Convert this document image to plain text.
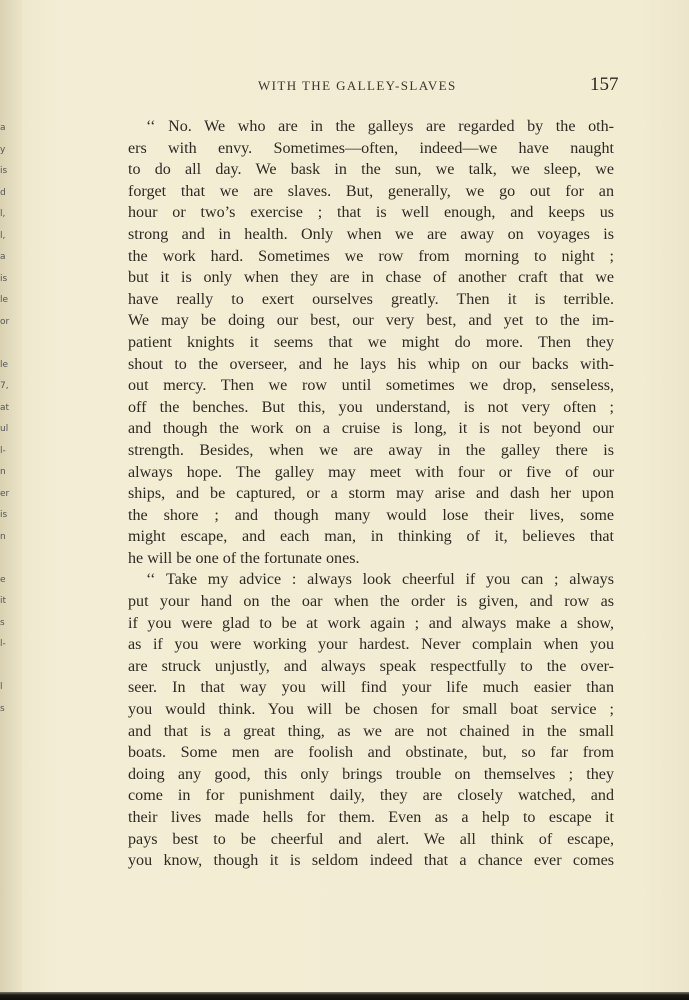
a
y
is
d
l,
l,
a
is
le
or
le
7,
at
ul
l-
n
er
is
n
e
it
s
l-
l
s
WITH THE GALLEY-SLAVES	157
‘‘ No. We who are in the galleys are regarded by the oth-
ers with envy. Sometimes—often, indeed—we have naught
to do all day. We bask in the sun, we talk, we sleep, we
forget that we are slaves. But, generally, we go out for an
hour or two’s exercise ; that is well enough, and keeps us
strong and in health. Only when we are away on voyages is
the work hard. Sometimes we row from morning to night ;
but it is only when they are in chase of another craft that we
have really to exert ourselves greatly. Then it is terrible.
We may be doing our best, our very best, and yet to the im-
patient knights it seems that we might do more. Then they
shout to the overseer, and he lays his whip on our backs with-
out mercy. Then we row until sometimes we drop, senseless,
off the benches. But this, you understand, is not very often ;
and though the work on a cruise is long, it is not beyond our
strength. Besides, when we are away in the galley there is
always hope. The galley may meet with four or five of our
ships, and be captured, or a storm may arise and dash her upon
the shore ; and though many would lose their lives, some
might escape, and each man, in thinking of it, believes that
he will be one of the fortunate ones.
‘‘ Take my advice : always look cheerful if you can ; always
put your hand on the oar when the order is given, and row as
if you were glad to be at work again ; and always make a show,
as if you were working your hardest. Never complain when you
are struck unjustly, and always speak respectfully to the over-
seer. In that way you will find your life much easier than
you would think. You will be chosen for small boat service ;
and that is a great thing, as we are not chained in the small
boats. Some men are foolish and obstinate, but, so far from
doing any good, this only brings trouble on themselves ; they
come in for punishment daily, they are closely watched, and
their lives made hells for them. Even as a help to escape it
pays best to be cheerful and alert. We all think of escape,
you know, though it is seldom indeed that a chance ever comes
